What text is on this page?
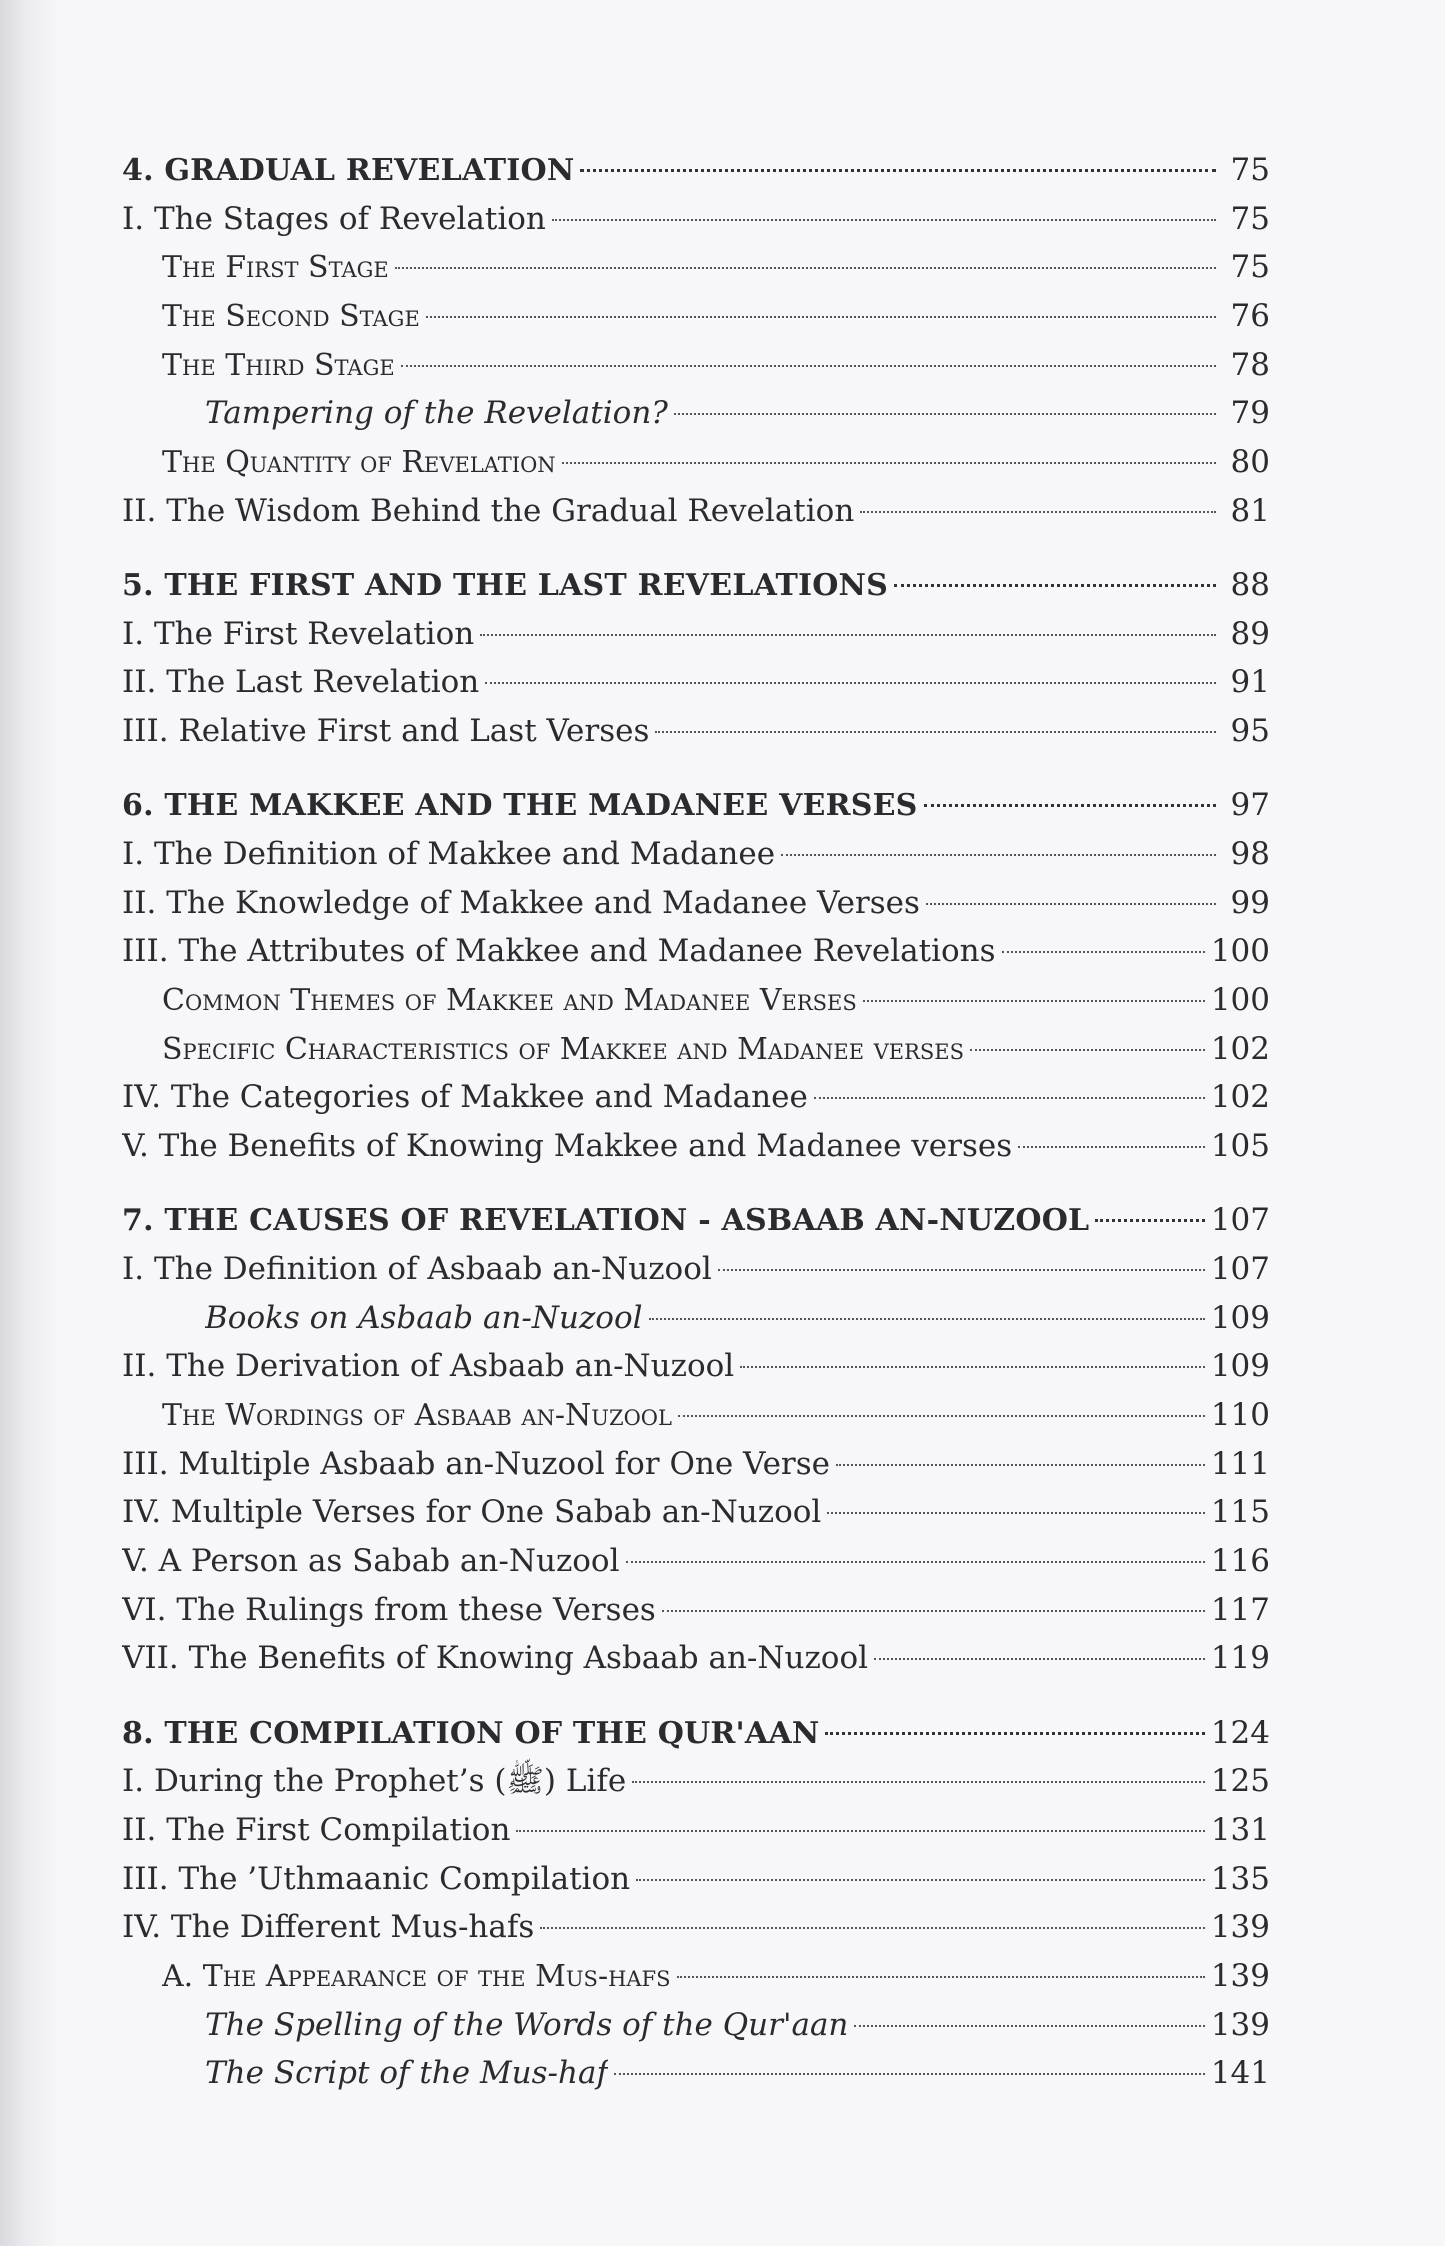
4. GRADUAL REVELATION	75
I. The Stages of Revelation	75
The First Stage	75
The Second Stage	76
The Third Stage	78
Tampering of the Revelation?	79
The Quantity of Revelation	80
II. The Wisdom Behind the Gradual Revelation	81
5. THE FIRST AND THE LAST REVELATIONS	88
I. The First Revelation	89
II. The Last Revelation	91
III. Relative First and Last Verses	95
6. THE MAKKEE AND THE MADANEE VERSES	97
I. The Definition of Makkee and Madanee	98
II. The Knowledge of Makkee and Madanee Verses	99
III. The Attributes of Makkee and Madanee Revelations	100
Common Themes of Makkee and Madanee Verses	100
Specific Characteristics of Makkee and Madanee verses	102
IV. The Categories of Makkee and Madanee	102
V. The Benefits of Knowing Makkee and Madanee verses	105
7. THE CAUSES OF REVELATION - ASBAAB AN-NUZOOL	107
I. The Definition of Asbaab an-Nuzool	107
Books on Asbaab an-Nuzool	109
II. The Derivation of Asbaab an-Nuzool	109
The Wordings of Asbaab an-Nuzool	110
III. Multiple Asbaab an-Nuzool for One Verse	111
IV. Multiple Verses for One Sabab an-Nuzool	115
V. A Person as Sabab an-Nuzool	116
VI. The Rulings from these Verses	117
VII. The Benefits of Knowing Asbaab an-Nuzool	119
8. THE COMPILATION OF THE QUR'AAN	124
I. During the Prophet’s (ﷺ) Life	125
II. The First Compilation	131
III. The ’Uthmaanic Compilation	135
IV. The Different Mus-hafs	139
A. The Appearance of the Mus-hafs	139
The Spelling of the Words of the Qur'aan	139
The Script of the Mus-haf	141
